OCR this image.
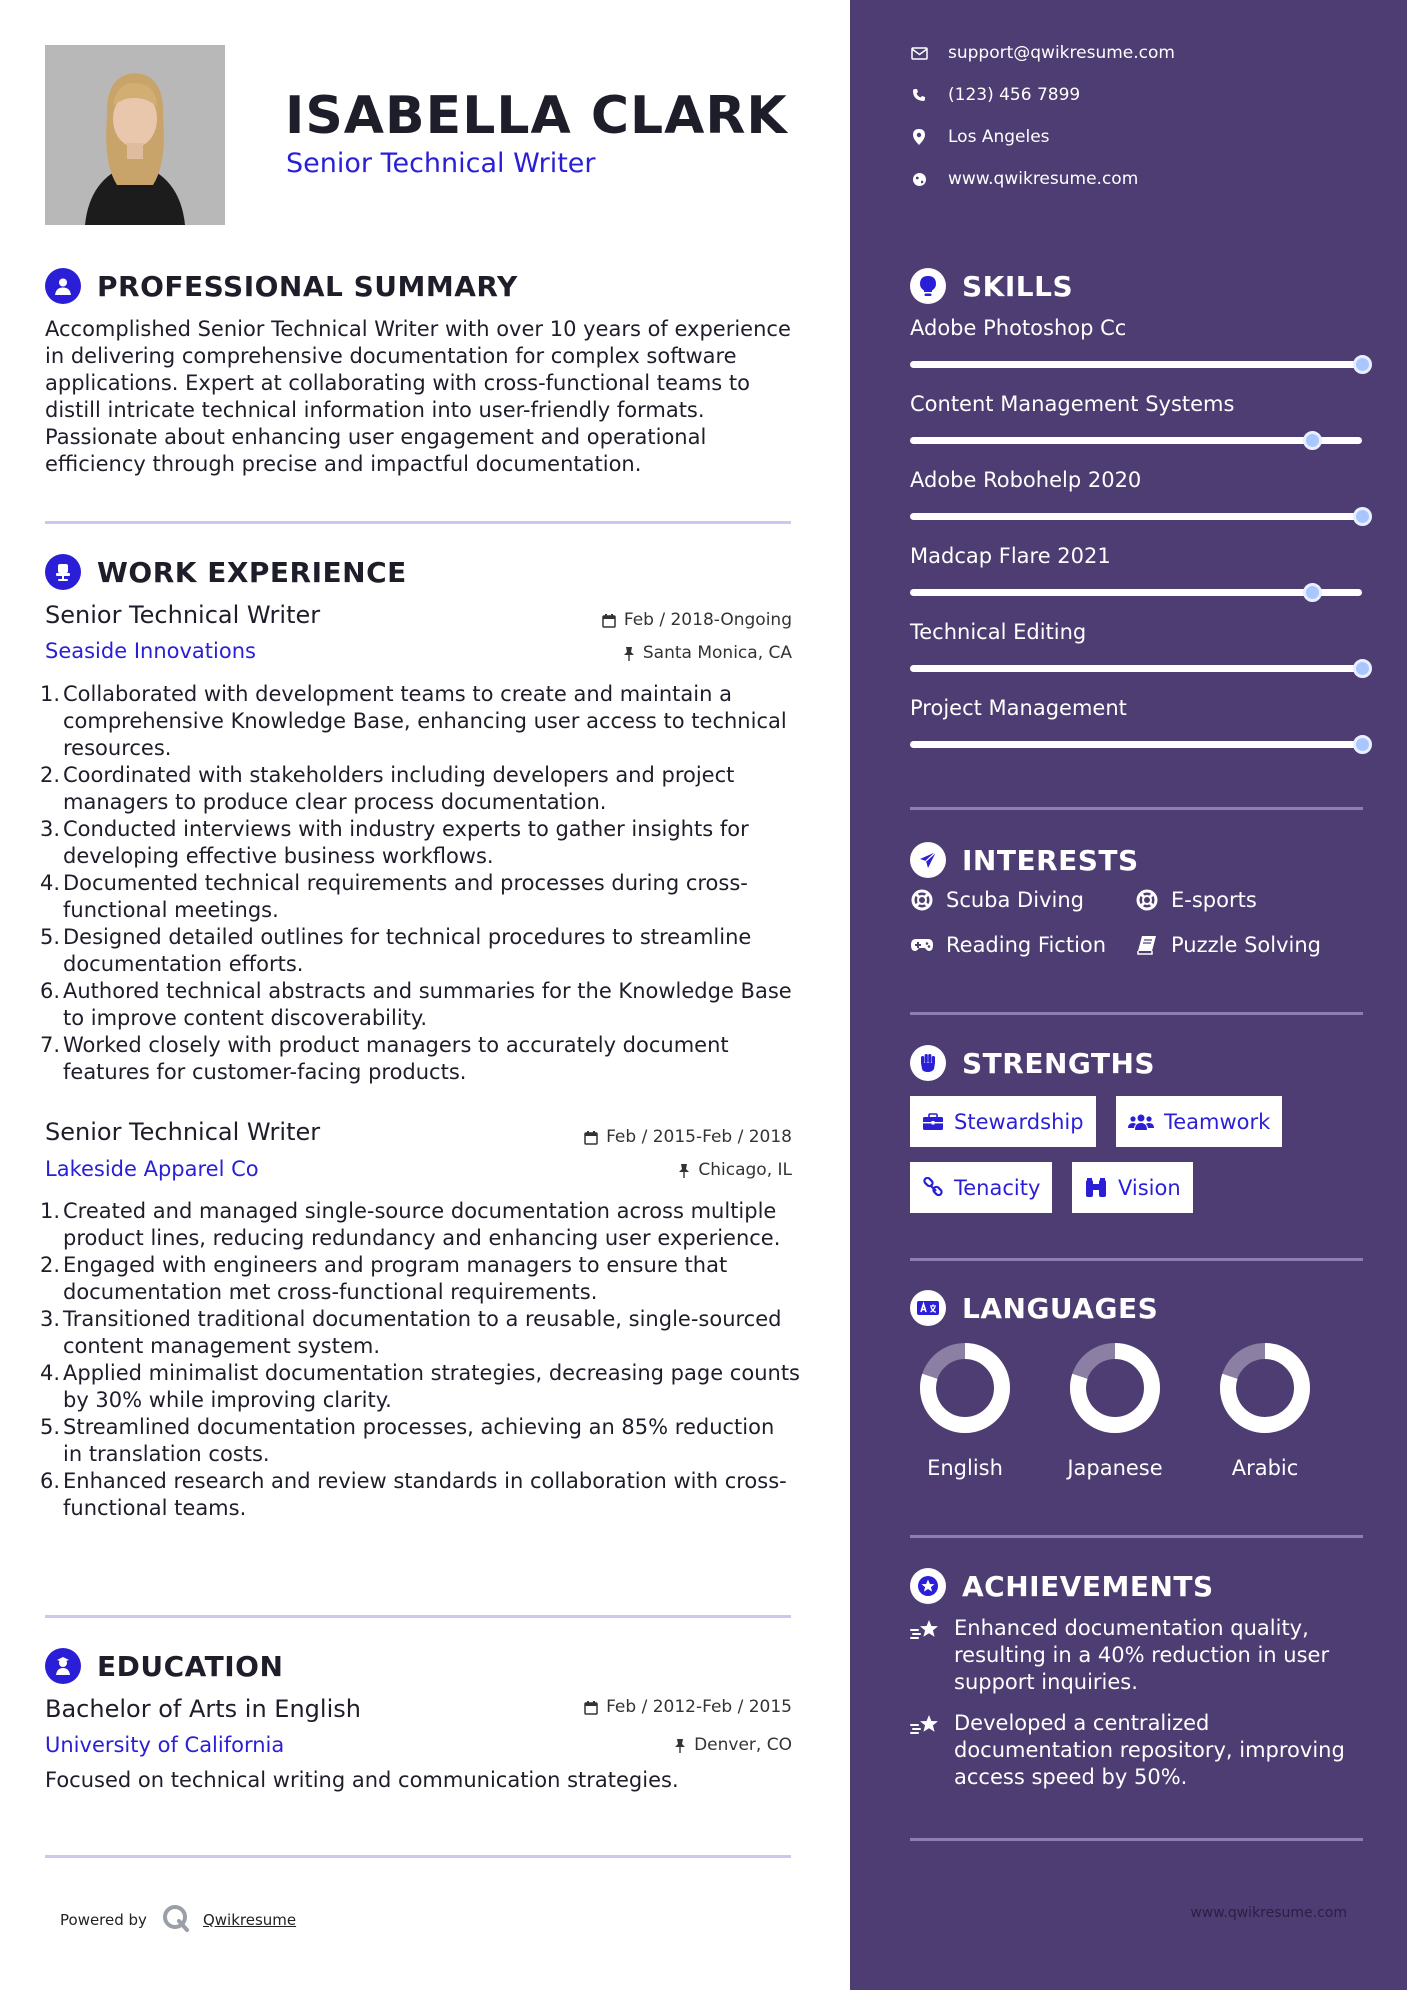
ISABELLA CLARK
Senior Technical Writer
PROFESSIONAL SUMMARY
Accomplished Senior Technical Writer with over 10 years of experience in delivering comprehensive documentation for complex software applications. Expert at collaborating with cross-functional teams to distill intricate technical information into user-friendly formats. Passionate about enhancing user engagement and operational efficiency through precise and impactful documentation.
WORK EXPERIENCE
Senior Technical Writer
Seaside Innovations
Feb / 2018-Ongoing
Santa Monica, CA
1. Collaborated with development teams to create and maintain a comprehensive Knowledge Base, enhancing user access to technical resources.
2. Coordinated with stakeholders including developers and project managers to produce clear process documentation.
3. Conducted interviews with industry experts to gather insights for developing effective business workflows.
4. Documented technical requirements and processes during cross-functional meetings.
5. Designed detailed outlines for technical procedures to streamline documentation efforts.
6. Authored technical abstracts and summaries for the Knowledge Base to improve content discoverability.
7. Worked closely with product managers to accurately document features for customer-facing products.
Senior Technical Writer
Lakeside Apparel Co
Feb / 2015-Feb / 2018
Chicago, IL
1. Created and managed single-source documentation across multiple product lines, reducing redundancy and enhancing user experience.
2. Engaged with engineers and program managers to ensure that documentation met cross-functional requirements.
3. Transitioned traditional documentation to a reusable, single-sourced content management system.
4. Applied minimalist documentation strategies, decreasing page counts by 30% while improving clarity.
5. Streamlined documentation processes, achieving an 85% reduction in translation costs.
6. Enhanced research and review standards in collaboration with cross-functional teams.
EDUCATION
Bachelor of Arts in English
University of California
Feb / 2012-Feb / 2015
Denver, CO
Focused on technical writing and communication strategies.
Powered by	Qwikresume
support@qwikresume.com
(123) 456 7899
Los Angeles
www.qwikresume.com
SKILLS
Adobe Photoshop Cc
Content Management Systems
Adobe Robohelp 2020
Madcap Flare 2021
Technical Editing
Project Management
INTERESTS
Scuba Diving	E-sports
Reading Fiction	Puzzle Solving
STRENGTHS
Stewardship	Teamwork
Tenacity	Vision
LANGUAGES
English	Japanese	Arabic
ACHIEVEMENTS
Enhanced documentation quality, resulting in a 40% reduction in user support inquiries.
Developed a centralized documentation repository, improving access speed by 50%.
www.qwikresume.com
